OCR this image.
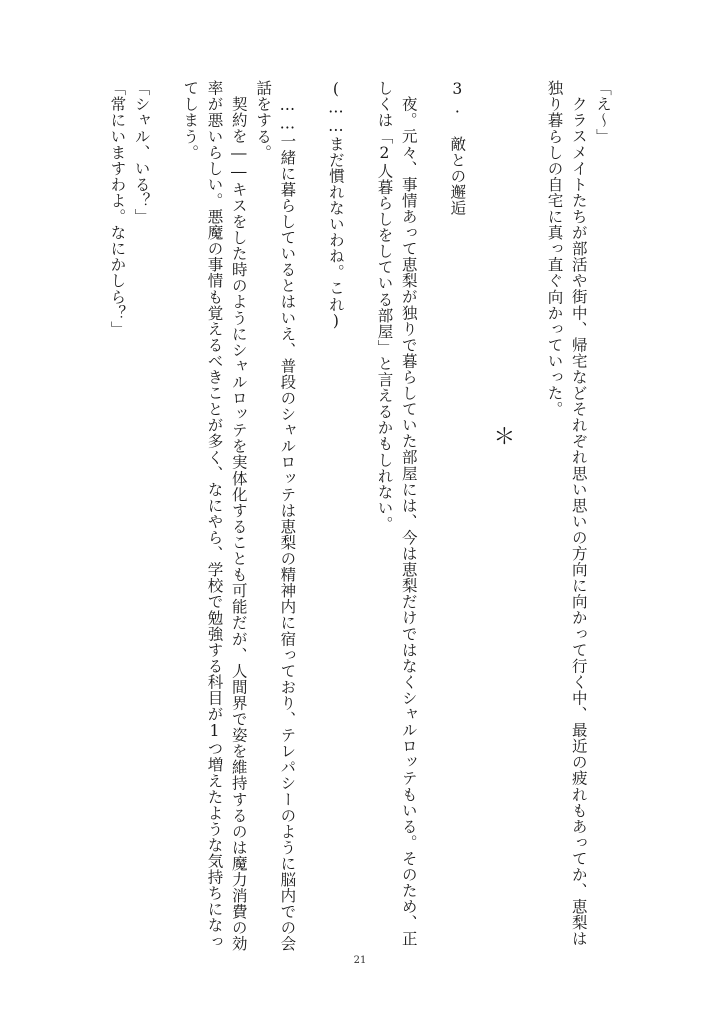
「え〜」
クラスメイトたちが部活や街中、帰宅などそれぞれ思い思いの方向に向かって行く中、最近の疲れもあってか、恵梨は
独り暮らしの自宅に真っ直ぐ向かっていった。
＊
3. 敵との邂逅
夜。元々、事情あって恵梨が独りで暮らしていた部屋には、今は恵梨だけではなくシャルロッテもいる。そのため、正
しくは「2人暮らしをしている部屋」と言えるかもしれない。
(……まだ慣れないわね。これ)
……一緒に暮らしているとはいえ、普段のシャルロッテは恵梨の精神内に宿っており、テレパシーのように脳内での会
話をする。
契約を――キスをした時のようにシャルロッテを実体化することも可能だが、人間界で姿を維持するのは魔力消費の効
率が悪いらしい。悪魔の事情も覚えるべきことが多く、なにやら、学校で勉強する科目が1つ増えたような気持ちになっ
てしまう。
「シャル、いる？」
「常にいますわよ。なにかしら？」
21
